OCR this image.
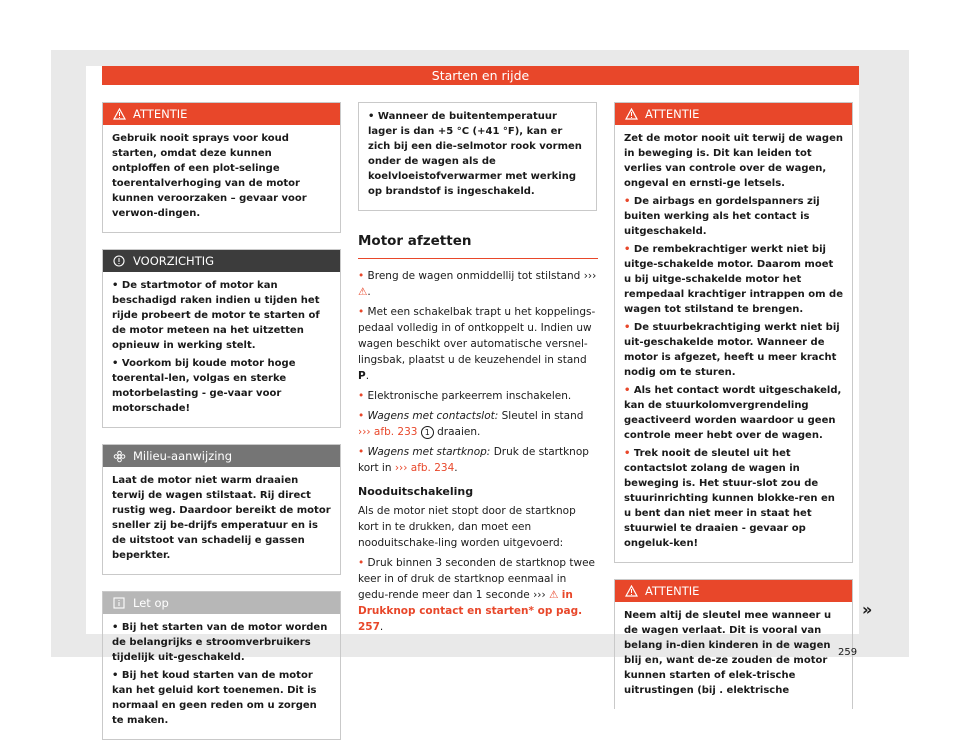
Starten en rijde
ATTENTIE

Gebruik nooit sprays voor koud starten, omdat deze kunnen ontploffen of een plot-selinge toerentalverhoging van de motor kunnen veroorzaken – gevaar voor verwon-dingen.

VOORZICHTIG

• De startmotor of motor kan beschadigd raken indien u tijden het rijde probeert de motor te starten of de motor meteen na het uitzetten opnieuw in werking stelt.

• Voorkom bij koude motor hoge toerental-len, volgas en sterke motorbelasting - ge-vaar voor motorschade!

Milieu-aanwijzing

Laat de motor niet warm draaien terwij de wagen stilstaat. Rij direct rustig weg. Daardoor bereikt de motor sneller zij be-drijfs emperatuur en is de uitstoot van schadelij e gassen beperkter.

Let op

• Bij het starten van de motor worden de belangrijks e stroomverbruikers tijdelijk uit-geschakeld.

• Bij het koud starten van de motor kan het geluid kort toenemen. Dit is normaal en geen reden om u zorgen te maken.

• Wanneer de buitentemperatuur lager is dan +5 °C (+41 °F), kan er zich bij een die-selmotor rook vormen onder de wagen als de koelvloeistofverwarmer met werking op brandstof is ingeschakeld.

Motor afzetten

• Breng de wagen onmiddellij tot stilstand ››› ⚠.

• Met een schakelbak trapt u het koppelings-pedaal volledig in of ontkoppelt u. Indien uw wagen beschikt over automatische versnel-lingsbak, plaatst u de keuzehendel in stand P.

• Elektronische parkeerrem inschakelen.

• Wagens met contactslot: Sleutel in stand ››› afb. 233 1 draaien.

• Wagens met startknop: Druk de startknop kort in ››› afb. 234.

Nooduitschakeling

Als de motor niet stopt door de startknop kort in te drukken, dan moet een nooduitschake-ling worden uitgevoerd:

• Druk binnen 3 seconden de startknop twee keer in of druk de startknop eenmaal in gedu-rende meer dan 1 seconde ››› ⚠ in Drukknop contact en starten* op pag. 257.

ATTENTIE

Zet de motor nooit uit terwij de wagen in beweging is. Dit kan leiden tot verlies van controle over de wagen, ongeval en ernsti-ge letsels.

• De airbags en gordelspanners zij buiten werking als het contact is uitgeschakeld.

• De rembekrachtiger werkt niet bij uitge-schakelde motor. Daarom moet u bij uitge-schakelde motor het rempedaal krachtiger intrappen om de wagen tot stilstand te brengen.

• De stuurbekrachtiging werkt niet bij uit-geschakelde motor. Wanneer de motor is afgezet, heeft u meer kracht nodig om te sturen.

• Als het contact wordt uitgeschakeld, kan de stuurkolomvergrendeling geactiveerd worden waardoor u geen controle meer hebt over de wagen.

• Trek nooit de sleutel uit het contactslot zolang de wagen in beweging is. Het stuur-slot zou de stuurinrichting kunnen blokke-ren en u bent dan niet meer in staat het stuurwiel te draaien - gevaar op ongeluk-ken!

ATTENTIE

Neem altij de sleutel mee wanneer u de wagen verlaat. Dit is vooral van belang in-dien kinderen in de wagen blij en, want de-ze zouden de motor kunnen starten of elek-trische uitrustingen (bij . elektrische

»
259
